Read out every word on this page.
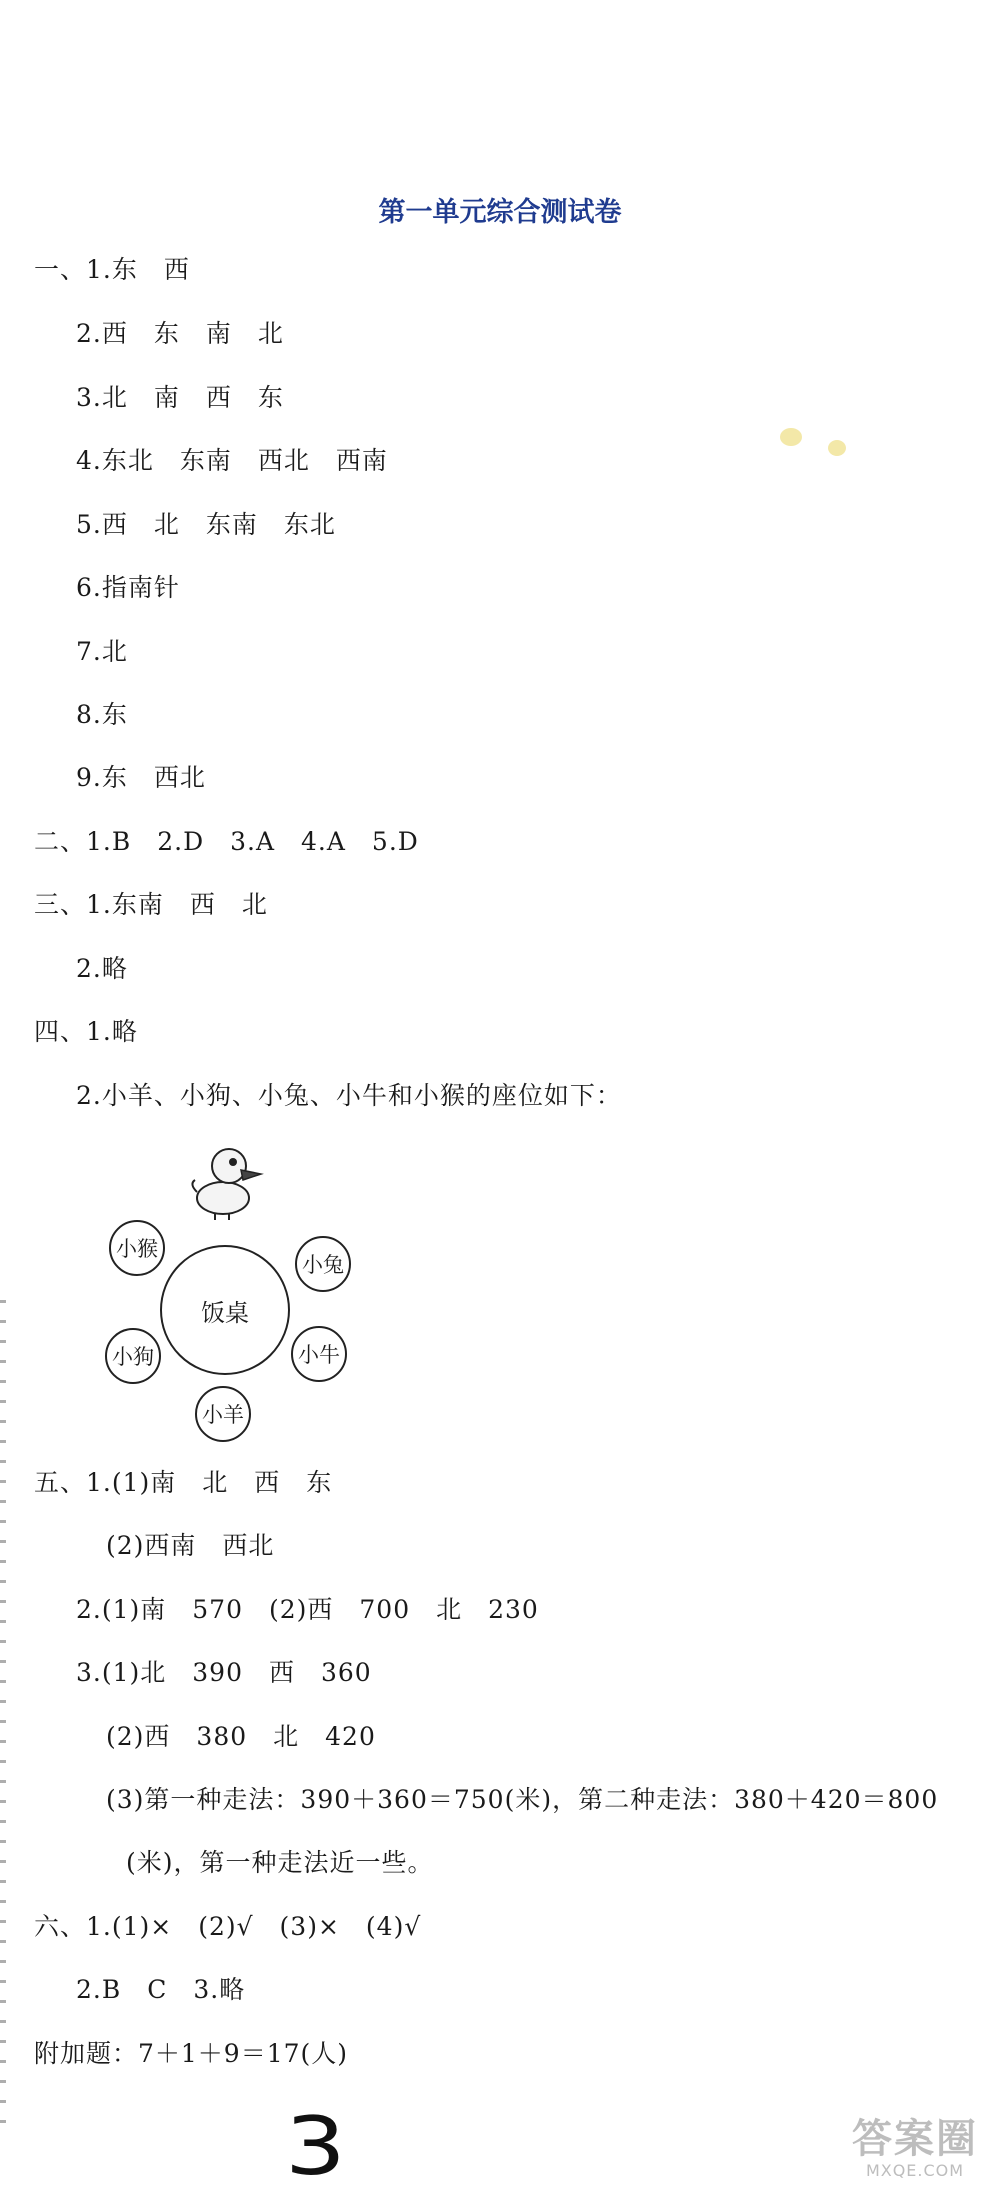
第一单元综合测试卷
一、1.东　西
2.西　东　南　北
3.北　南　西　东
4.东北　东南　西北　西南
5.西　北　东南　东北
6.指南针
7.北
8.东
9.东　西北
二、1.B　2.D　3.A　4.A　5.D
三、1.东南　西　北
2.略
四、1.略
2.小羊、小狗、小兔、小牛和小猴的座位如下：
饭桌
小猴
小兔
小狗	小牛
小羊
五、1.(1)南　北　西　东
(2)西南　西北
2.(1)南　570　(2)西　700　北　230
3.(1)北　390　西　360
(2)西　380　北　420
(3)第一种走法：390＋360＝750(米)，第二种走法：380＋420＝800
(米)，第一种走法近一些。
六、1.(1)×　(2)√　(3)×　(4)√
2.B　C　3.略
附加题：7＋1＋9＝17(人)
3	答案圈
MXQE.COM
